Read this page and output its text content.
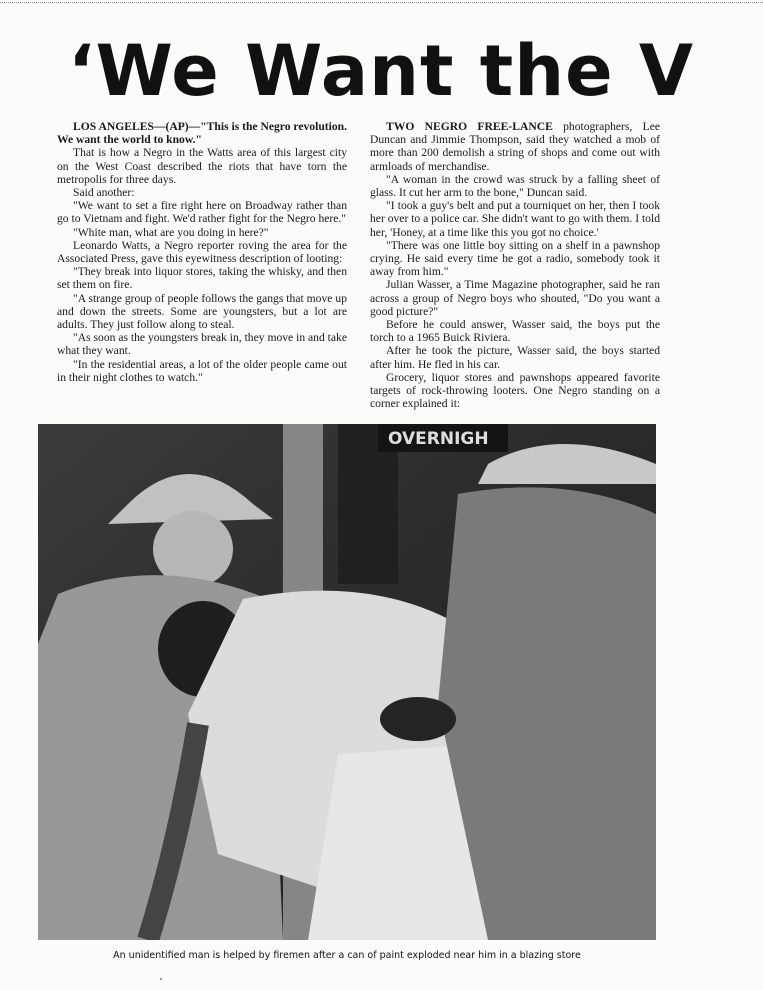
‘We Want the V

LOS ANGELES—(AP)—"This is the Negro revolution. We want the world to know."

That is how a Negro in the Watts area of this largest city on the West Coast described the riots that have torn the metropolis for three days.

Said another:

"We want to set a fire right here on Broadway rather than go to Vietnam and fight. We'd rather fight for the Negro here."

"White man, what are you doing in here?"

Leonardo Watts, a Negro reporter roving the area for the Associated Press, gave this eyewitness description of looting:

"They break into liquor stores, taking the whisky, and then set them on fire.

"A strange group of people follows the gangs that move up and down the streets. Some are youngsters, but a lot are adults. They just follow along to steal.

"As soon as the youngsters break in, they move in and take what they want.

"In the residential areas, a lot of the older people came out in their night clothes to watch."

TWO NEGRO FREE-LANCE photographers, Lee Duncan and Jimmie Thompson, said they watched a mob of more than 200 demolish a string of shops and come out with armloads of merchandise.

"A woman in the crowd was struck by a falling sheet of glass. It cut her arm to the bone," Duncan said.

"I took a guy's belt and put a tourniquet on her, then I took her over to a police car. She didn't want to go with them. I told her, 'Honey, at a time like this you got no choice.'

"There was one little boy sitting on a shelf in a pawnshop crying. He said every time he got a radio, somebody took it away from him."

Julian Wasser, a Time Magazine photographer, said he ran across a group of Negro boys who shouted, "Do you want a good picture?"

Before he could answer, Wasser said, the boys put the torch to a 1965 Buick Riviera.

After he took the picture, Wasser said, the boys started after him. He fled in his car.

Grocery, liquor stores and pawnshops appeared favorite targets of rock-throwing looters. One Negro standing on a corner explained it:

OVERNIGH
An unidentified man is helped by firemen after a can of paint exploded near him in a blazing store
